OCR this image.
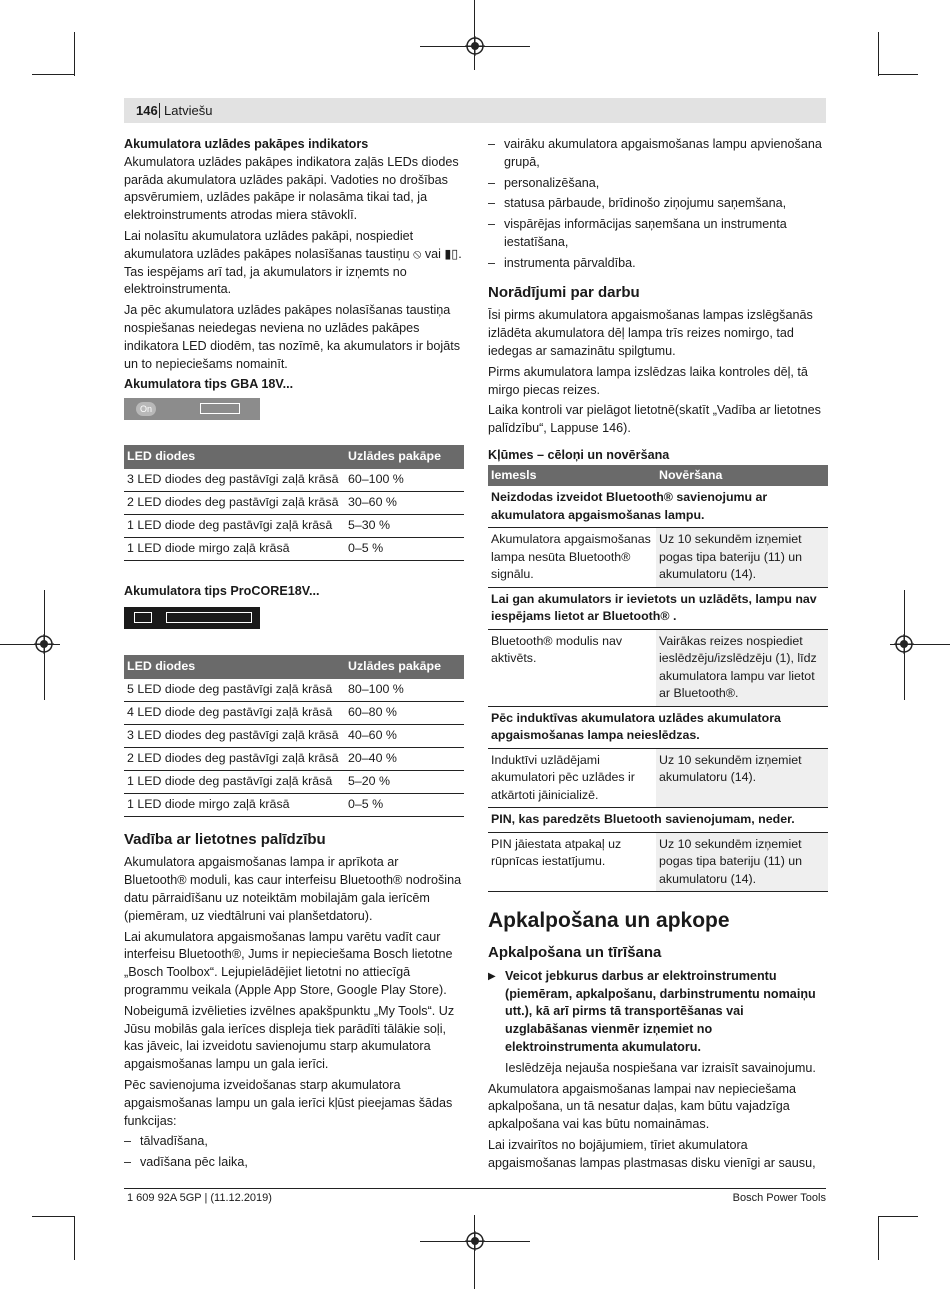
146 Latviešu
Akumulatora uzlādes pakāpes indikators

Akumulatora uzlādes pakāpes indikatora zaļās LEDs diodes parāda akumulatora uzlādes pakāpi. Vadoties no drošības apsvērumiem, uzlādes pakāpe ir nolasāma tikai tad, ja elektroinstruments atrodas miera stāvoklī.

Lai nolasītu akumulatora uzlādes pakāpi, nospiediet akumulatora uzlādes pakāpes nolasīšanas taustiņu ⦸ vai ▮▯. Tas iespējams arī tad, ja akumulators ir izņemts no elektroinstrumenta.

Ja pēc akumulatora uzlādes pakāpes nolasīšanas taustiņa nospiešanas neiedegas neviena no uzlādes pakāpes indikatora LED diodēm, tas nozīmē, ka akumulators ir bojāts un to nepieciešams nomainīt.

Akumulatora tips GBA 18V...
On
LED diodes	Uzlādes pakāpe
3 LED diodes deg pastāvīgi zaļā krāsā	60–100 %
2 LED diodes deg pastāvīgi zaļā krāsā	30–60 %
1 LED diode deg pastāvīgi zaļā krāsā	5–30 %
1 LED diode mirgo zaļā krāsā	0–5 %
Akumulatora tips ProCORE18V...
LED diodes	Uzlādes pakāpe
5 LED diode deg pastāvīgi zaļā krāsā	80–100 %
4 LED diode deg pastāvīgi zaļā krāsā	60–80 %
3 LED diodes deg pastāvīgi zaļā krāsā	40–60 %
2 LED diodes deg pastāvīgi zaļā krāsā	20–40 %
1 LED diode deg pastāvīgi zaļā krāsā	5–20 %
1 LED diode mirgo zaļā krāsā	0–5 %
Vadība ar lietotnes palīdzību

Akumulatora apgaismošanas lampa ir aprīkota ar Bluetooth® moduli, kas caur interfeisu Bluetooth® nodrošina datu pārraidīšanu uz noteiktām mobilajām gala ierīcēm (piemēram, uz viedtālruni vai planšetdatoru).

Lai akumulatora apgaismošanas lampu varētu vadīt caur interfeisu Bluetooth®, Jums ir nepieciešama Bosch lietotne „Bosch Toolbox“. Lejupielādējiet lietotni no attiecīgā programmu veikala (Apple App Store, Google Play Store).

Nobeigumā izvēlieties izvēlnes apakšpunktu „My Tools“. Uz Jūsu mobilās gala ierīces displeja tiek parādīti tālākie soļi, kas jāveic, lai izveidotu savienojumu starp akumulatora apgaismošanas lampu un gala ierīci.

Pēc savienojuma izveidošanas starp akumulatora apgaismošanas lampu un gala ierīci kļūst pieejamas šādas funkcijas:

– tālvadīšana,

– vadīšana pēc laika,

– vairāku akumulatora apgaismošanas lampu apvienošana grupā,

– personalizēšana,

– statusa pārbaude, brīdinošo ziņojumu saņemšana,

– vispārējas informācijas saņemšana un instrumenta iestatīšana,

– instrumenta pārvaldība.

Norādījumi par darbu

Īsi pirms akumulatora apgaismošanas lampas izslēgšanās izlādēta akumulatora dēļ lampa trīs reizes nomirgo, tad iedegas ar samazinātu spilgtumu.

Pirms akumulatora lampa izslēdzas laika kontroles dēļ, tā mirgo piecas reizes.

Laika kontroli var pielāgot lietotnē(skatīt „Vadība ar lietotnes palīdzību“, Lappuse 146).

Kļūmes – cēloņi un novēršana
Iemesls	Novēršana
Neizdodas izveidot Bluetooth® savienojumu ar akumulatora apgaismošanas lampu.	
Akumulatora apgaismošanas lampa nesūta Bluetooth® signālu.	Uz 10 sekundēm izņemiet pogas tipa bateriju (11) un akumulatoru (14).
Lai gan akumulators ir ievietots un uzlādēts, lampu nav iespējams lietot ar Bluetooth® .	
Bluetooth® modulis nav aktivēts.	Vairākas reizes nospiediet ieslēdzēju/izslēdzēju (1), līdz akumulatora lampu var lietot ar Bluetooth®.
Pēc induktīvas akumulatora uzlādes akumulatora apgaismošanas lampa neieslēdzas.	
Induktīvi uzlādējami akumulatori pēc uzlādes ir atkārtoti jāinicializē.	Uz 10 sekundēm izņemiet akumulatoru (14).
PIN, kas paredzēts Bluetooth savienojumam, neder.	
PIN jāiestata atpakaļ uz rūpnīcas iestatījumu.	Uz 10 sekundēm izņemiet pogas tipa bateriju (11) un akumulatoru (14).
Apkalpošana un apkope
Apkalpošana un tīrīšana

▶ Veicot jebkurus darbus ar elektroinstrumentu (piemēram, apkalpošanu, darbinstrumentu nomaiņu utt.), kā arī pirms tā transportēšanas vai uzglabāšanas vienmēr izņemiet no elektroinstrumenta akumulatoru.

Ieslēdzēja nejauša nospiešana var izraisīt savainojumu.

Akumulatora apgaismošanas lampai nav nepieciešama apkalpošana, un tā nesatur daļas, kam būtu vajadzīga apkalpošana vai kas būtu nomaināmas.

Lai izvairītos no bojājumiem, tīriet akumulatora apgaismošanas lampas plastmasas disku vienīgi ar sausu,

1 609 92A 5GP | (11.12.2019)	Bosch Power Tools
